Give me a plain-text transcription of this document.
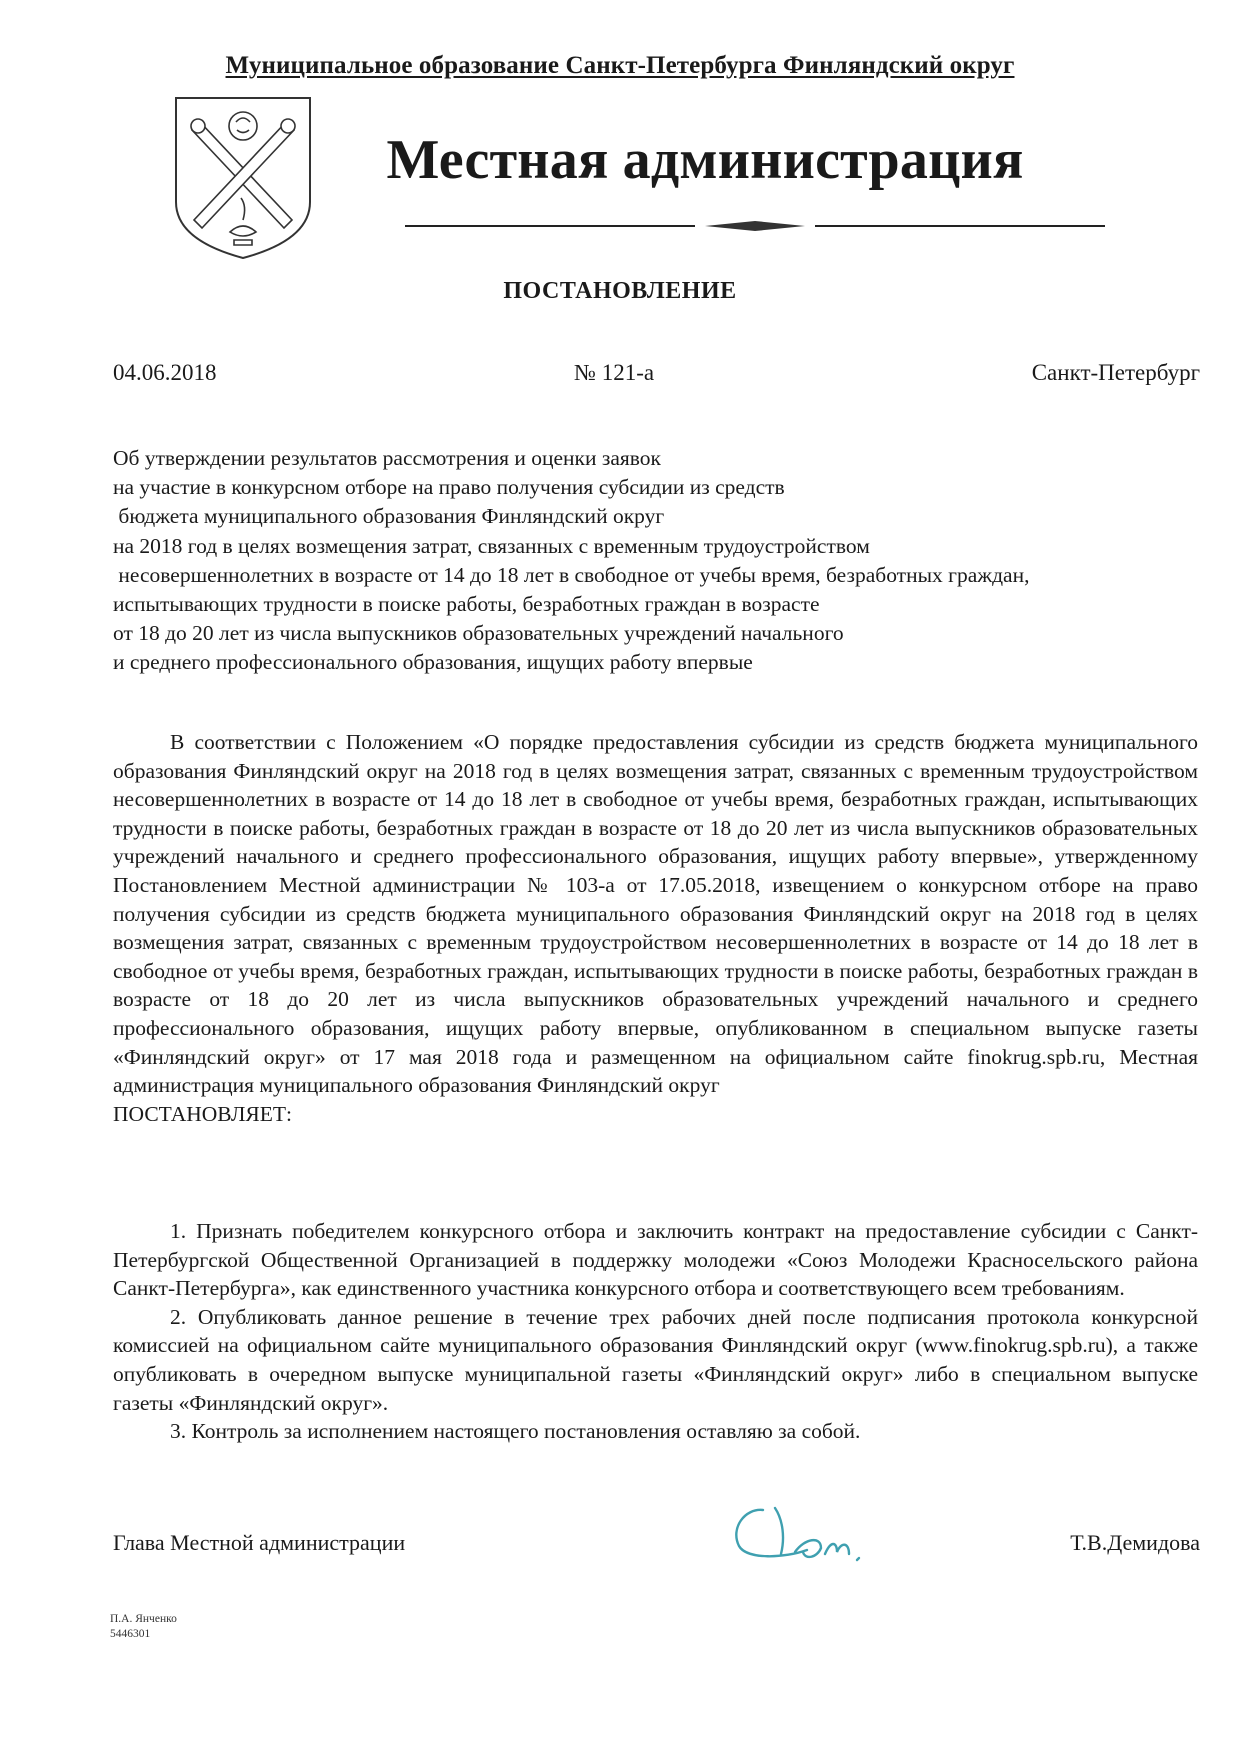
Муниципальное образование Санкт-Петербурга Финляндский округ
Местная администрация
ПОСТАНОВЛЕНИЕ
04.06.2018	№ 121-а	Санкт-Петербург
Об утверждении результатов рассмотрения и оценки заявок
на участие в конкурсном отборе на право получения субсидии из средств
бюджета муниципального образования Финляндский округ
на 2018 год в целях возмещения затрат, связанных с временным трудоустройством
несовершеннолетних в возрасте от 14 до 18 лет в свободное от учебы время, безработных граждан,
испытывающих трудности в поиске работы, безработных граждан в возрасте
от 18 до 20 лет из числа выпускников образовательных учреждений начального
и среднего профессионального образования, ищущих работу впервые

В соответствии с Положением «О порядке предоставления субсидии из средств бюджета муниципального образования Финляндский округ на 2018 год в целях возмещения затрат, связанных с временным трудоустройством несовершеннолетних в возрасте от 14 до 18 лет в свободное от учебы время, безработных граждан, испытывающих трудности в поиске работы, безработных граждан в возрасте от 18 до 20 лет из числа выпускников образовательных учреждений начального и среднего профессионального образования, ищущих работу впервые», утвержденному Постановлением Местной администрации № 103-а от 17.05.2018, извещением о конкурсном отборе на право получения субсидии из средств бюджета муниципального образования Финляндский округ на 2018 год в целях возмещения затрат, связанных с временным трудоустройством несовершеннолетних в возрасте от 14 до 18 лет в свободное от учебы время, безработных граждан, испытывающих трудности в поиске работы, безработных граждан в возрасте от 18 до 20 лет из числа выпускников образовательных учреждений начального и среднего профессионального образования, ищущих работу впервые, опубликованном в специальном выпуске газеты «Финляндский округ» от 17 мая 2018 года и размещенном на официальном сайте finokrug.spb.ru, Местная администрация муниципального образования Финляндский округ

ПОСТАНОВЛЯЕТ:

1. Признать победителем конкурсного отбора и заключить контракт на предоставление субсидии с Санкт-Петербургской Общественной Организацией в поддержку молодежи «Союз Молодежи Красносельского района Санкт-Петербурга», как единственного участника конкурсного отбора и соответствующего всем требованиям.

2. Опубликовать данное решение в течение трех рабочих дней после подписания протокола конкурсной комиссией на официальном сайте муниципального образования Финляндский округ (www.finokrug.spb.ru), а также опубликовать в очередном выпуске муниципальной газеты «Финляндский округ» либо в специальном выпуске газеты «Финляндский округ».

3. Контроль за исполнением настоящего постановления оставляю за собой.

Глава Местной администрации	Т.В.Демидова
П.А. Янченко
5446301
